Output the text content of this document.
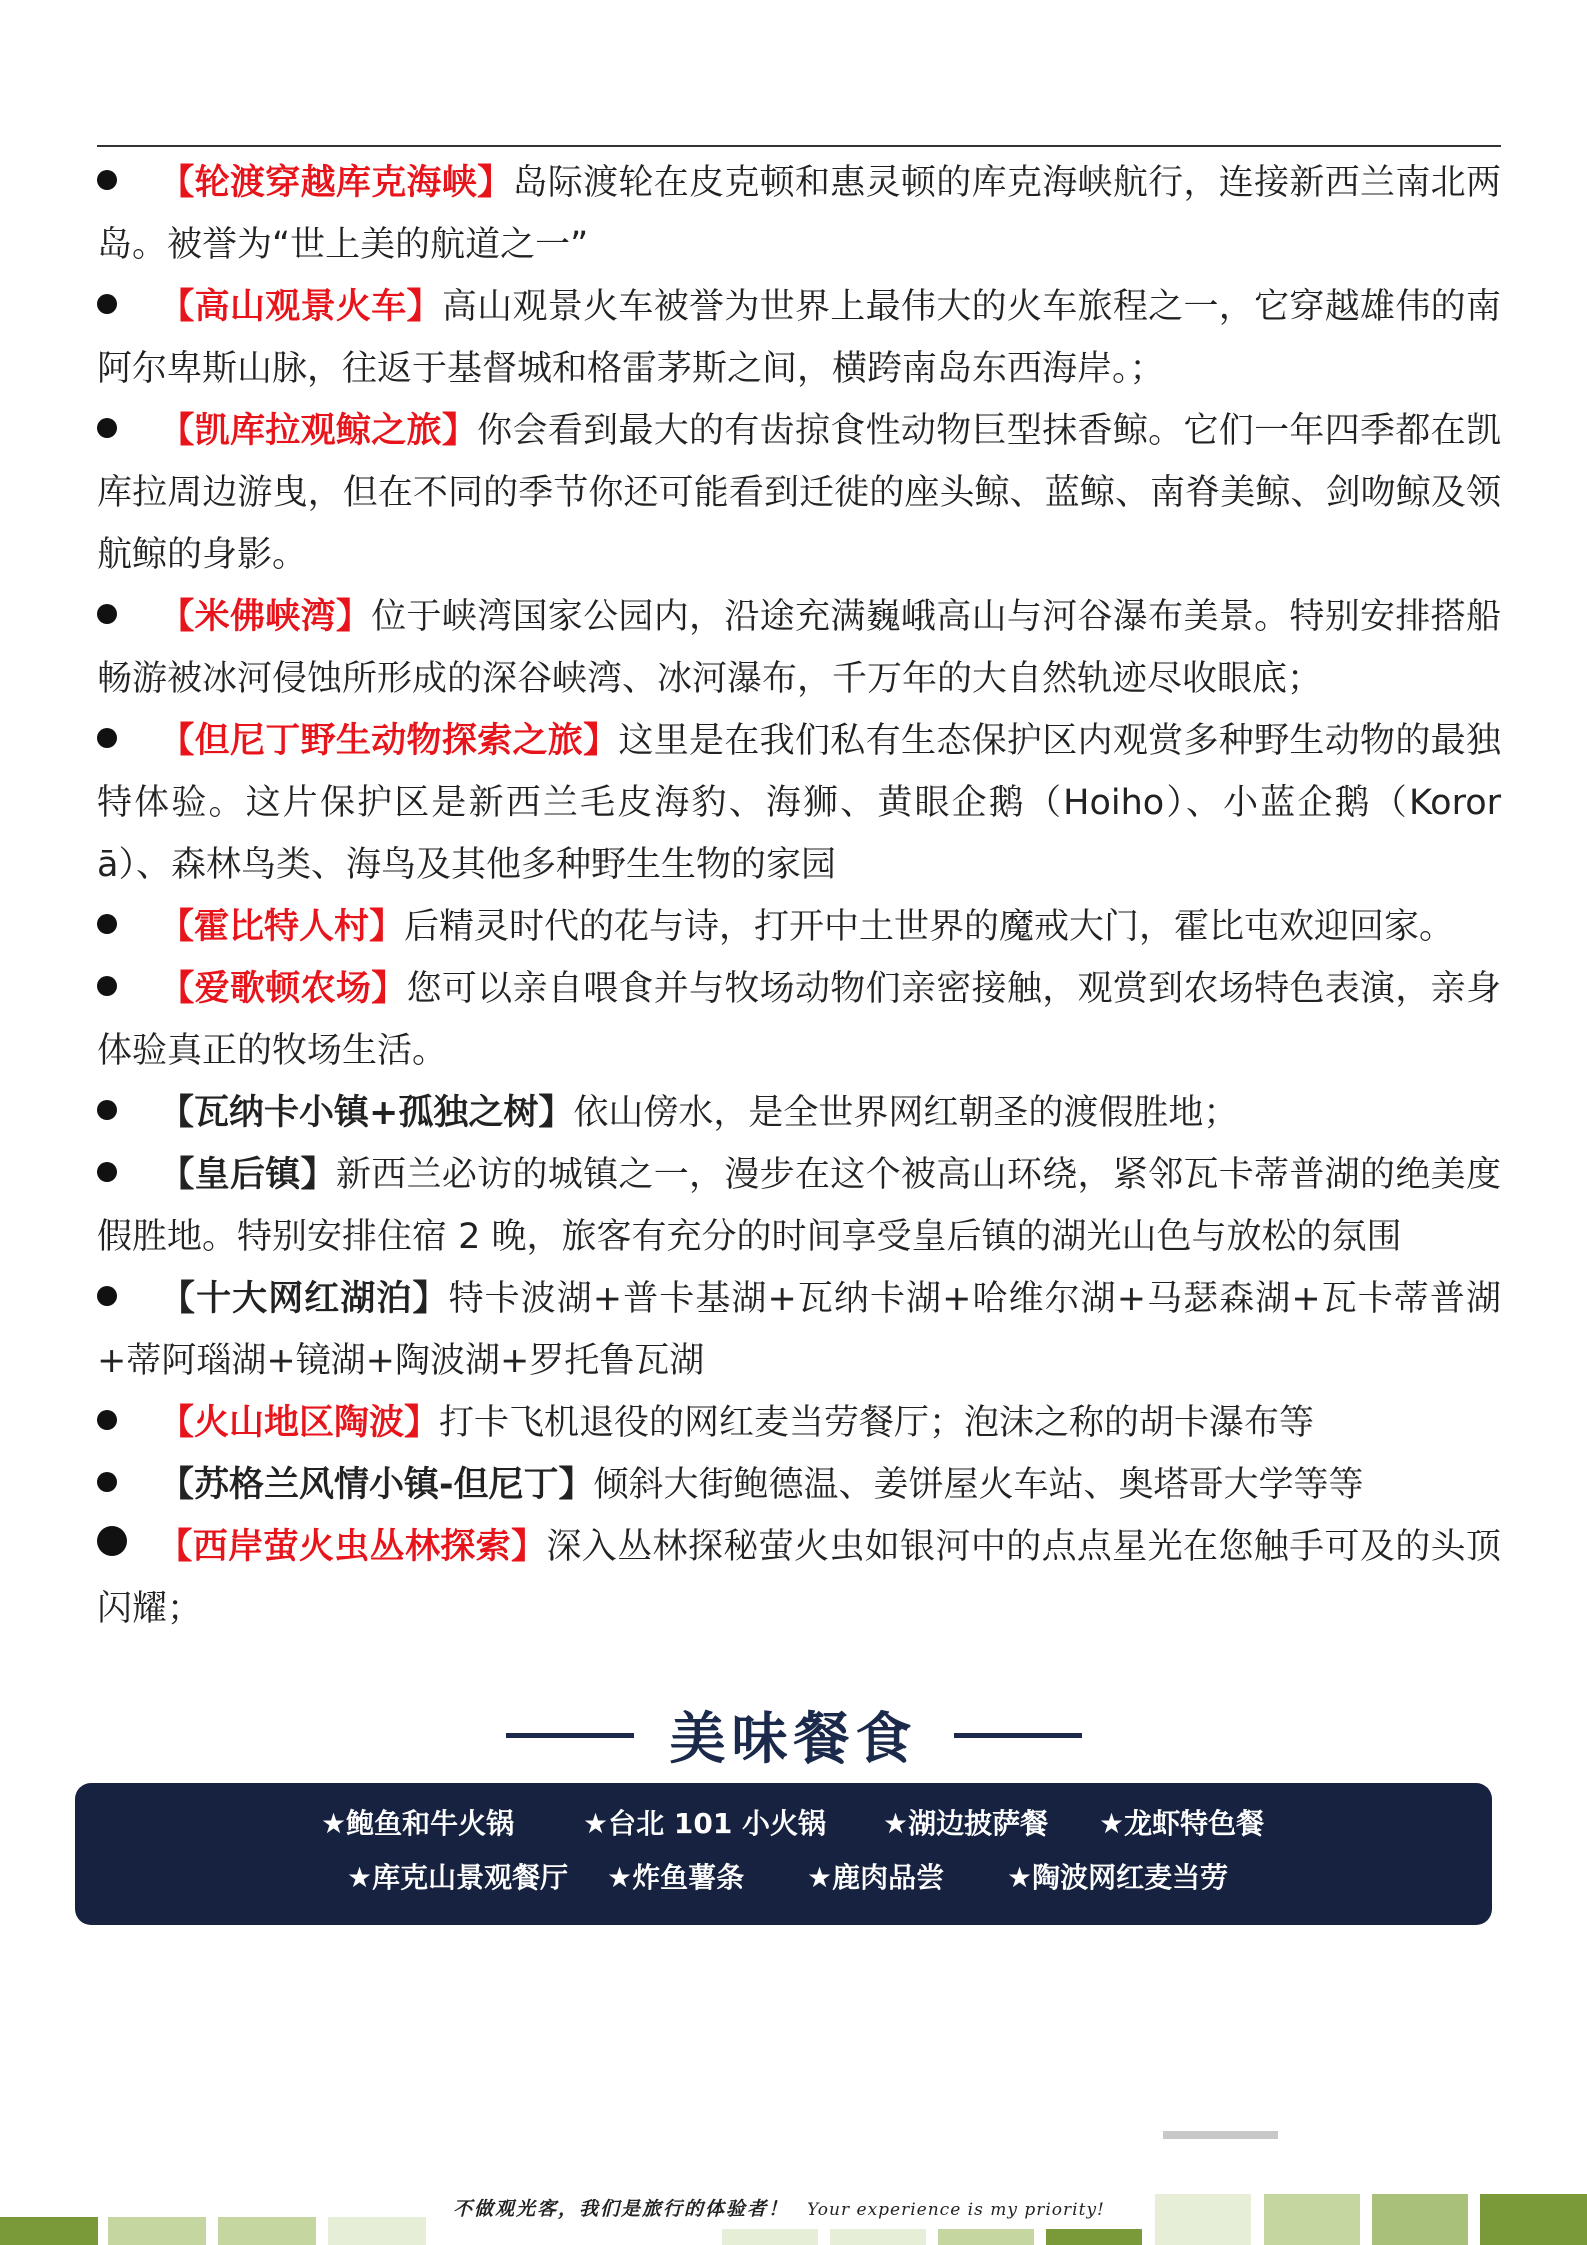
【轮渡穿越库克海峡】岛际渡轮在皮克顿和惠灵顿的库克海峡航行，连接新西兰南北两岛。被誉为“世上美的航道之一”
【高山观景火车】高山观景火车被誉为世界上最伟大的火车旅程之一，它穿越雄伟的南阿尔卑斯山脉，往返于基督城和格雷茅斯之间，横跨南岛东西海岸。；
【凯库拉观鲸之旅】你会看到最大的有齿掠食性动物巨型抹香鲸。它们一年四季都在凯库拉周边游曳，但在不同的季节你还可能看到迁徙的座头鲸、蓝鲸、南脊美鲸、剑吻鲸及领航鲸的身影。
【米佛峡湾】位于峡湾国家公园内，沿途充满巍峨高山与河谷瀑布美景。特别安排搭船畅游被冰河侵蚀所形成的深谷峡湾、冰河瀑布，千万年的大自然轨迹尽收眼底；
【但尼丁野生动物探索之旅】这里是在我们私有生态保护区内观赏多种野生动物的最独特体验。这片保护区是新西兰毛皮海豹、海狮、黄眼企鹅（Hoiho）、小蓝企鹅（Kororā）、森林鸟类、海鸟及其他多种野生生物的家园
【霍比特人村】后精灵时代的花与诗，打开中土世界的魔戒大门，霍比屯欢迎回家。
【爱歌顿农场】您可以亲自喂食并与牧场动物们亲密接触，观赏到农场特色表演，亲身体验真正的牧场生活。
【瓦纳卡小镇+孤独之树】依山傍水，是全世界网红朝圣的渡假胜地；
【皇后镇】新西兰必访的城镇之一，漫步在这个被高山环绕，紧邻瓦卡蒂普湖的绝美度假胜地。特别安排住宿 2 晚，旅客有充分的时间享受皇后镇的湖光山色与放松的氛围
【十大网红湖泊】特卡波湖+普卡基湖+瓦纳卡湖+哈维尔湖+马瑟森湖+瓦卡蒂普湖+蒂阿瑙湖+镜湖+陶波湖+罗托鲁瓦湖
【火山地区陶波】打卡飞机退役的网红麦当劳餐厅；泡沫之称的胡卡瀑布等
【苏格兰风情小镇-但尼丁】倾斜大街鲍德温、姜饼屋火车站、奥塔哥大学等等
【西岸萤火虫丛林探索】深入丛林探秘萤火虫如银河中的点点星光在您触手可及的头顶闪耀；
美味餐食
★鲍鱼和牛火锅 ★台北 101 小火锅 ★湖边披萨餐 ★龙虾特色餐
★库克山景观餐厅 ★炸鱼薯条 ★鹿肉品尝 ★陶波网红麦当劳
不做观光客，我们是旅行的体验者！ Your experience is my priority!
